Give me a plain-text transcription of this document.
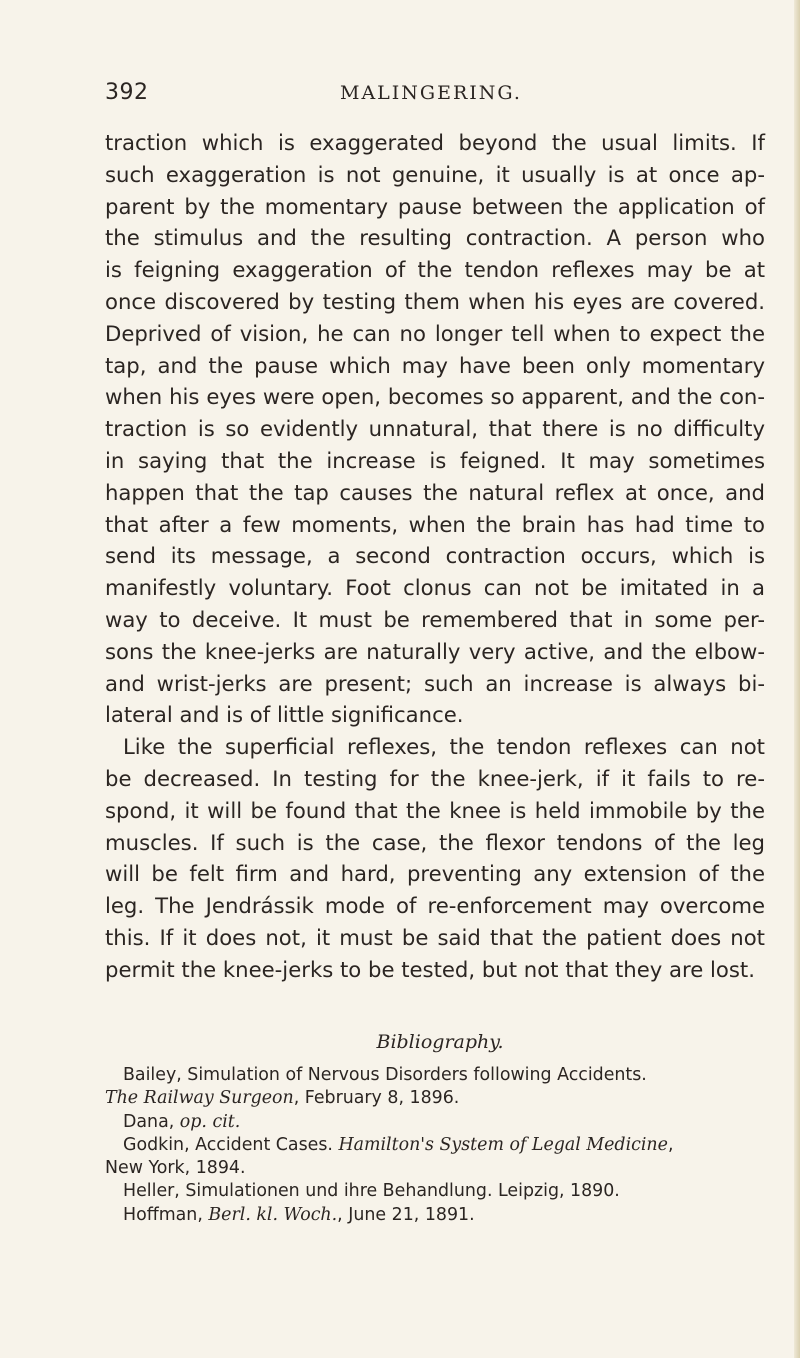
392	MALINGERING.
traction which is exaggerated beyond the usual limits. If
such exaggeration is not genuine, it usually is at once ap-
parent by the momentary pause between the application of
the stimulus and the resulting contraction. A person who
is feigning exaggeration of the tendon reflexes may be at
once discovered by testing them when his eyes are covered.
Deprived of vision, he can no longer tell when to expect the
tap, and the pause which may have been only momentary
when his eyes were open, becomes so apparent, and the con-
traction is so evidently unnatural, that there is no difficulty
in saying that the increase is feigned. It may sometimes
happen that the tap causes the natural reflex at once, and
that after a few moments, when the brain has had time to
send its message, a second contraction occurs, which is
manifestly voluntary. Foot clonus can not be imitated in a
way to deceive. It must be remembered that in some per-
sons the knee-jerks are naturally very active, and the elbow-
and wrist-jerks are present; such an increase is always bi-
lateral and is of little significance.
Like the superficial reflexes, the tendon reflexes can not
be decreased. In testing for the knee-jerk, if it fails to re-
spond, it will be found that the knee is held immobile by the
muscles. If such is the case, the flexor tendons of the leg
will be felt firm and hard, preventing any extension of the
leg. The Jendrássik mode of re-enforcement may overcome
this. If it does not, it must be said that the patient does not
permit the knee-jerks to be tested, but not that they are lost.
Bibliography.
Bailey, Simulation of Nervous Disorders following Accidents.
The Railway Surgeon, February 8, 1896.
Dana, op. cit.
Godkin, Accident Cases. Hamilton's System of Legal Medicine,
New York, 1894.
Heller, Simulationen und ihre Behandlung. Leipzig, 1890.
Hoffman, Berl. kl. Woch., June 21, 1891.
